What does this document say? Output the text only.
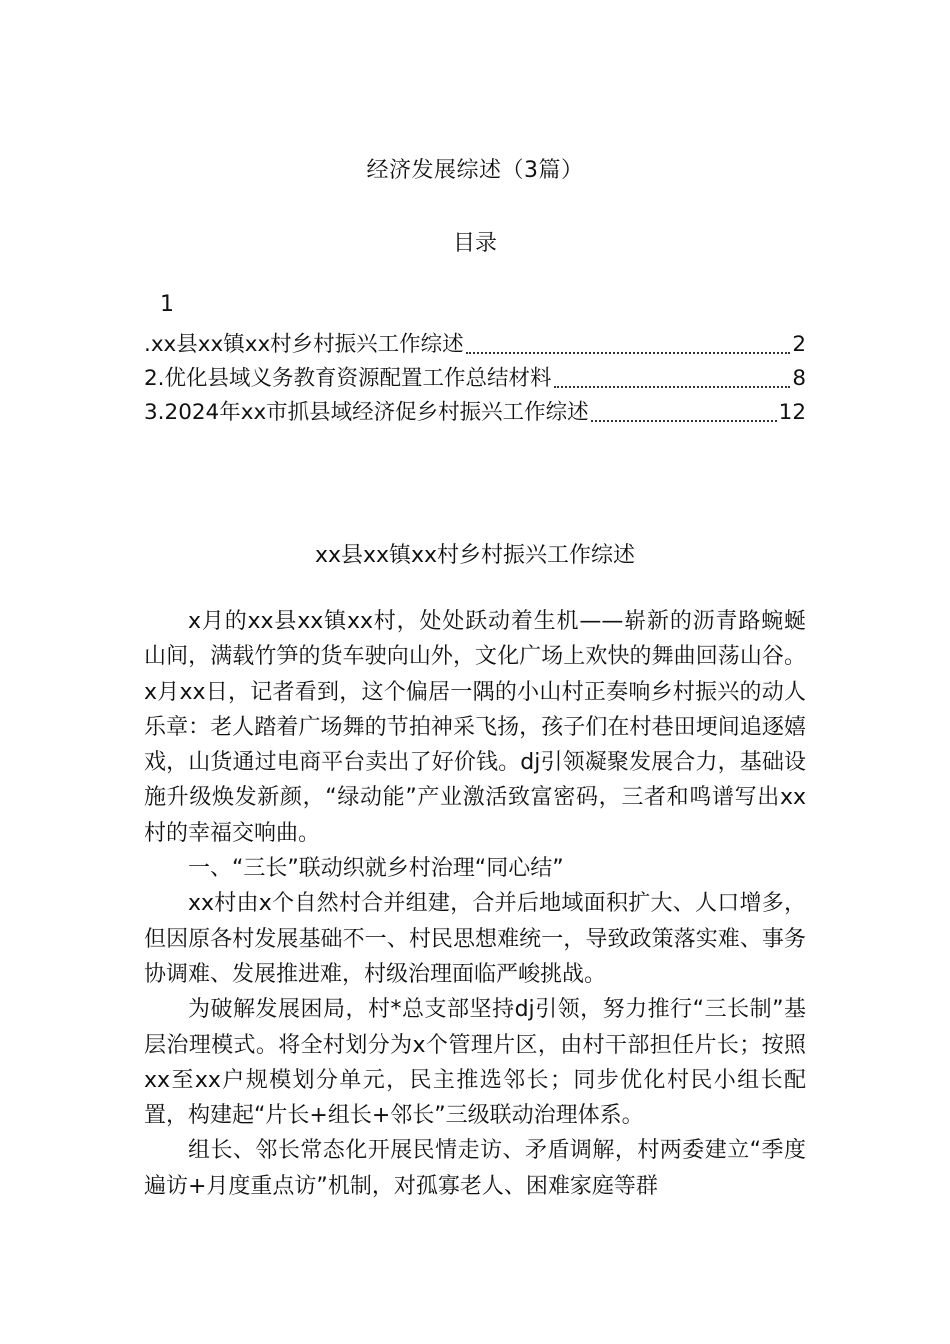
经济发展综述（3篇）
目录
1
.xx县xx镇xx村乡村振兴工作综述	2
2.优化县域义务教育资源配置工作总结材料	8
3.2024年xx市抓县域经济促乡村振兴工作综述	12
xx县xx镇xx村乡村振兴工作综述

x月的xx县xx镇xx村，处处跃动着生机——崭新的沥青路蜿蜒山间，满载竹笋的货车驶向山外，文化广场上欢快的舞曲回荡山谷。x月xx日，记者看到，这个偏居一隅的小山村正奏响乡村振兴的动人乐章：老人踏着广场舞的节拍神采飞扬，孩子们在村巷田埂间追逐嬉戏，山货通过电商平台卖出了好价钱。dj引领凝聚发展合力，基础设施升级焕发新颜，“绿动能”产业激活致富密码，三者和鸣谱写出xx村的幸福交响曲。

一、“三长”联动织就乡村治理“同心结”

xx村由x个自然村合并组建，合并后地域面积扩大、人口增多，但因原各村发展基础不一、村民思想难统一，导致政策落实难、事务协调难、发展推进难，村级治理面临严峻挑战。

为破解发展困局，村*总支部坚持dj引领，努力推行“三长制”基层治理模式。将全村划分为x个管理片区，由村干部担任片长；按照xx至xx户规模划分单元，民主推选邻长；同步优化村民小组长配置，构建起“片长+组长+邻长”三级联动治理体系。

组长、邻长常态化开展民情走访、矛盾调解，村两委建立“季度遍访+月度重点访”机制，对孤寡老人、困难家庭等群
